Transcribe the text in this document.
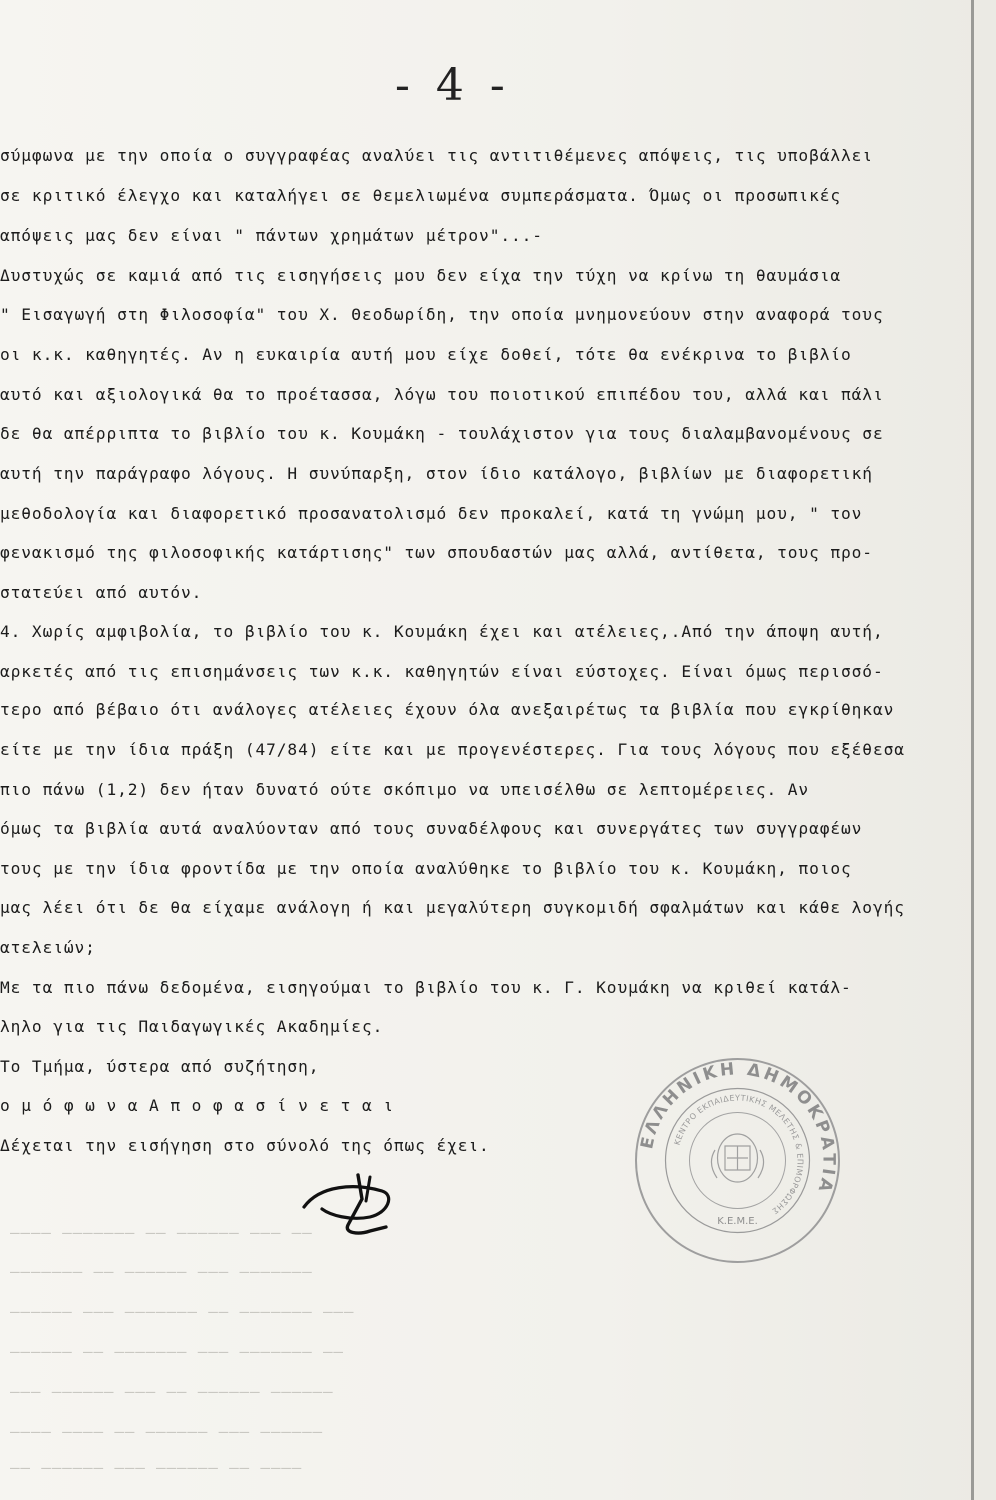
———— ——————— —— —————— ——— ——
——————— —— —————— ——— ———————
—————— ——— ——————— —— ——————— ———
—————— —— ——————— ——— ——————— ——
——— —————— ——— —— —————— ——————
———— ———— —— —————— ——— ——————
—— —————— ——— —————— —— ————
- 4 -
σύμφωνα με την οποία ο συγγραφέας αναλύει τις αντιτιθέμενες απόψεις, τις υποβάλλει
σε κριτικό έλεγχο και καταλήγει σε θεμελιωμένα συμπεράσματα. Όμως οι προσωπικές
απόψεις μας δεν είναι " πάντων χρημάτων μέτρον"...-
Δυστυχώς σε καμιά από τις εισηγήσεις μου δεν είχα την τύχη να κρίνω τη θαυμάσια
" Εισαγωγή στη Φιλοσοφία" του Χ. Θεοδωρίδη, την οποία μνημονεύουν στην αναφορά τους
οι κ.κ. καθηγητές. Αν η ευκαιρία αυτή μου είχε δοθεί, τότε θα ενέκρινα το βιβλίο
αυτό και αξιολογικά θα το προέτασσα, λόγω του ποιοτικού επιπέδου του, αλλά και πάλι
δε θα απέρριπτα το βιβλίο του κ. Κουμάκη - τουλάχιστον για τους διαλαμβανομένους σε
αυτή την παράγραφο λόγους. Η συνύπαρξη, στον ίδιο κατάλογο, βιβλίων με διαφορετική
μεθοδολογία και διαφορετικό προσανατολισμό δεν προκαλεί, κατά τη γνώμη μου, " τον
φενακισμό της φιλοσοφικής κατάρτισης" των σπουδαστών μας αλλά, αντίθετα, τους προ-
στατεύει από αυτόν.
4. Χωρίς αμφιβολία, το βιβλίο του κ. Κουμάκη έχει και ατέλειες,.Από την άποψη αυτή,
αρκετές από τις επισημάνσεις των κ.κ. καθηγητών είναι εύστοχες. Είναι όμως περισσό-
τερο από βέβαιο ότι ανάλογες ατέλειες έχουν όλα ανεξαιρέτως τα βιβλία που εγκρίθηκαν
είτε με την ίδια πράξη (47/84) είτε και με προγενέστερες. Για τους λόγους που εξέθεσα
πιο πάνω (1,2) δεν ήταν δυνατό ούτε σκόπιμο να υπεισέλθω σε λεπτομέρειες. Αν
όμως τα βιβλία αυτά αναλύονταν από τους συναδέλφους και συνεργάτες των συγγραφέων
τους με την ίδια φροντίδα με την οποία αναλύθηκε το βιβλίο του κ. Κουμάκη, ποιος
μας λέει ότι δε θα είχαμε ανάλογη ή και μεγαλύτερη συγκομιδή σφαλμάτων και κάθε λογής
ατελειών;
Με τα πιο πάνω δεδομένα, εισηγούμαι το βιβλίο του κ. Γ. Κουμάκη να κριθεί κατάλ-
ληλο για τις Παιδαγωγικές Ακαδημίες.
Το Τμήμα, ύστερα από συζήτηση,
ο μ ό φ ω ν α Α π ο φ α σ ί ν ε τ α ι
Δέχεται την εισήγηση στο σύνολό της όπως έχει.	ΕΛΛΗΝΙΚΗ ΔΗΜΟΚΡΑΤΙΑ
ΚΕΝΤΡΟ ΕΚΠΑΙΔΕΥΤΙΚΗΣ ΜΕΛΕΤΗΣ & ΕΠΙΜΟΡΦΩΣΗΣ
Κ.Ε.Μ.Ε.
